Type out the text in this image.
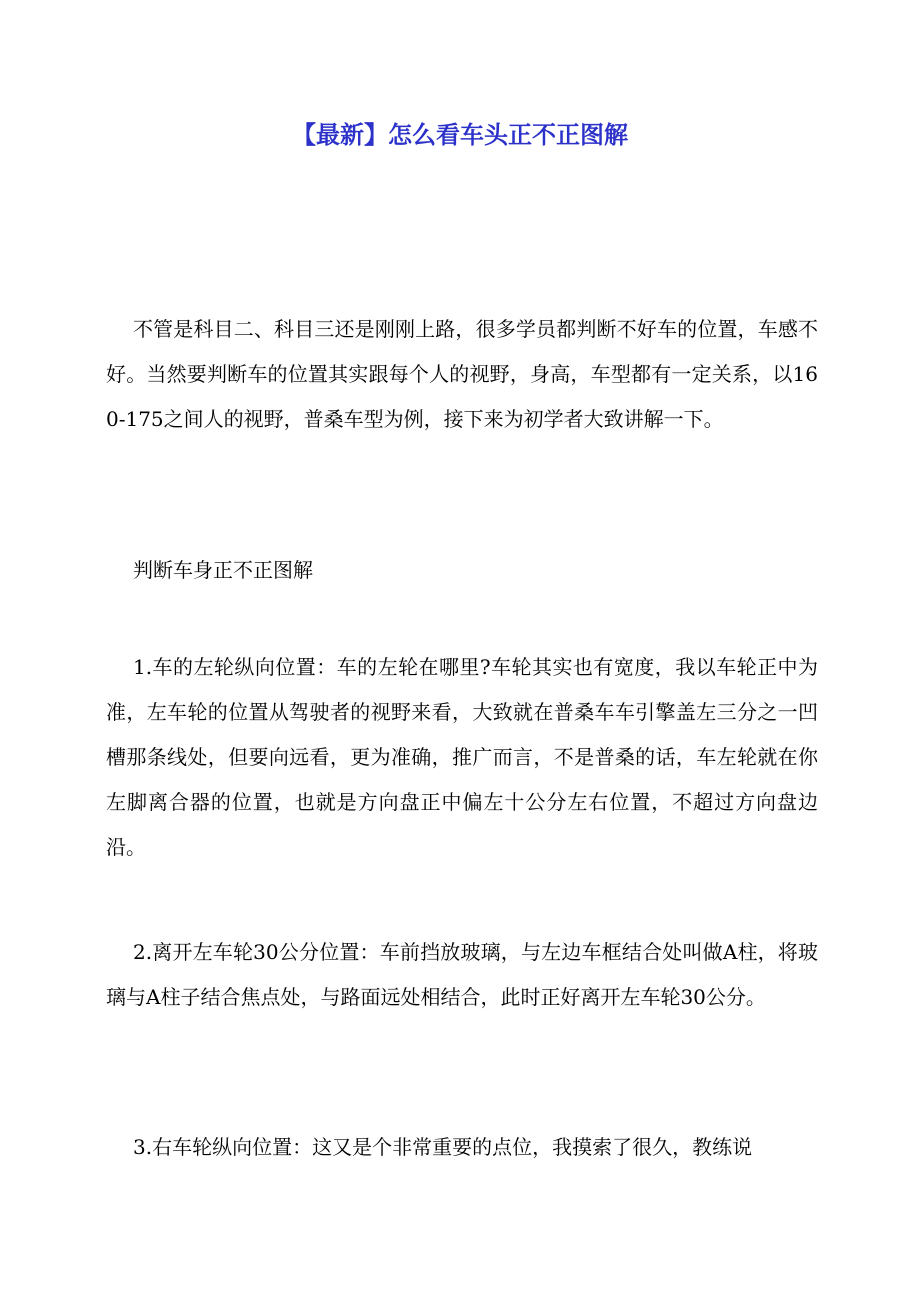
【最新】怎么看车头正不正图解

不管是科目二、科目三还是刚刚上路，很多学员都判断不好车的位置，车感不好。当然要判断车的位置其实跟每个人的视野，身高，车型都有一定关系，以160-175之间人的视野，普桑车型为例，接下来为初学者大致讲解一下。

判断车身正不正图解

1.车的左轮纵向位置：车的左轮在哪里?车轮其实也有宽度，我以车轮正中为准，左车轮的位置从驾驶者的视野来看，大致就在普桑车车引擎盖左三分之一凹槽那条线处，但要向远看，更为准确，推广而言，不是普桑的话，车左轮就在你左脚离合器的位置，也就是方向盘正中偏左十公分左右位置，不超过方向盘边沿。

2.离开左车轮30公分位置：车前挡放玻璃，与左边车框结合处叫做A柱，将玻璃与A柱子结合焦点处，与路面远处相结合，此时正好离开左车轮30公分。

3.右车轮纵向位置：这又是个非常重要的点位，我摸索了很久，教练说
